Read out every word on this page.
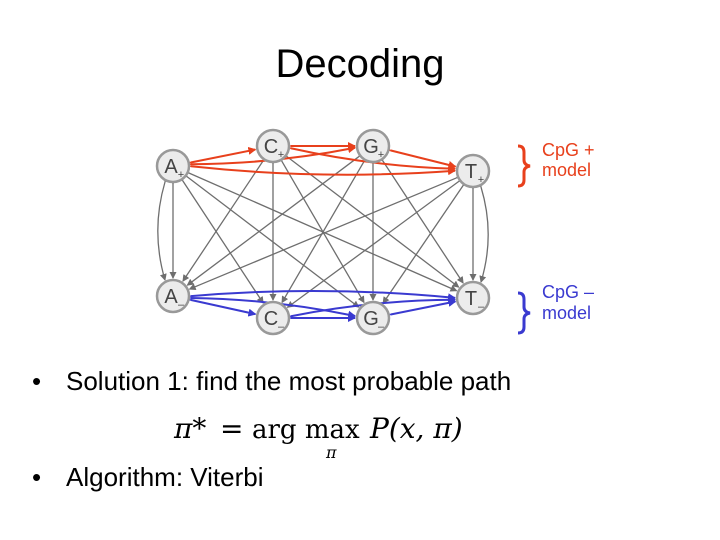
Decoding
A +
C +	G +
T +
A –
C –	G –
T –
CpG +
model
CpG –
model
• Solution 1: find the most probable path
π* = arg max
π
P(x, π)
• Algorithm: Viterbi
